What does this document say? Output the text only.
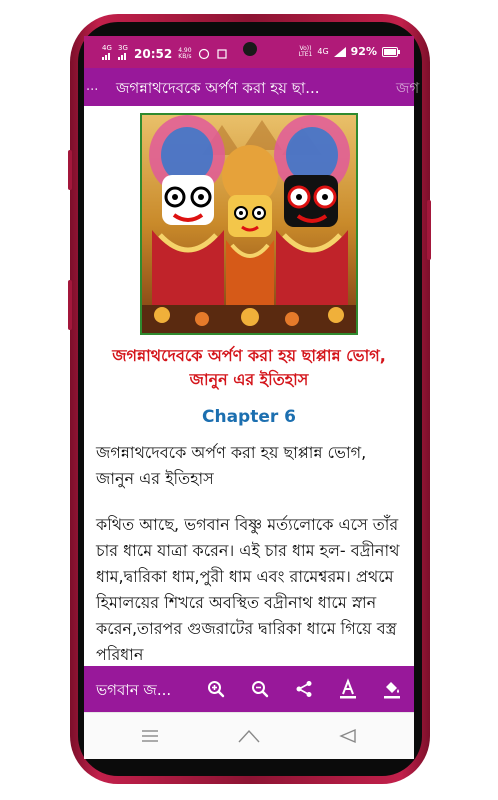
4G 3G 20:52 4.90
KB/s
Vo))
LTE1 4G 92%
... জগন্নাথদেবকে অর্পণ করা হয় ছা...	জগ
জগন্নাথদেবকে অর্পণ করা হয় ছাপ্পান্ন ভোগ, জানুন এর ইতিহাস
Chapter 6
জগন্নাথদেবকে অর্পণ করা হয় ছাপ্পান্ন ভোগ, জানুন এর ইতিহাস
কথিত আছে, ভগবান বিষ্ণু মর্ত্যলোকে এসে তাঁর চার ধামে যাত্রা করেন। এই চার ধাম হল- বদ্রীনাথ ধাম,দ্বারিকা ধাম,পুরী ধাম এবং রামেশ্বরম। প্রথমে হিমালয়ের শিখরে অবস্থিত বদ্রীনাথ ধামে স্নান করেন,তারপর গুজরাটের দ্বারিকা ধামে গিয়ে বস্ত্র পরিধান
ভগবান জ...
